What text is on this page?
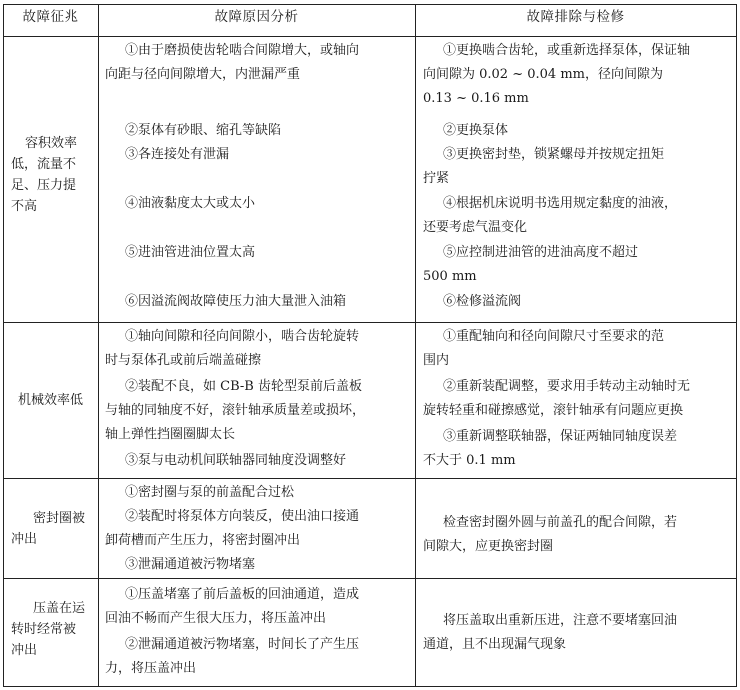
故障征兆	故障原因分析	故障排除与检修
容积效率
低，流量不
足、压力提
不高
①由于磨损使齿轮啮合间隙增大，或轴向
向距与径向间隙增大，内泄漏严重
②泵体有砂眼、缩孔等缺陷
③各连接处有泄漏
④油液黏度太大或太小
⑤进油管进油位置太高
⑥因溢流阀故障使压力油大量泄入油箱
①更换啮合齿轮，或重新选择泵体，保证轴
向间隙为 0.02 ~ 0.04 mm，径向间隙为
0.13 ~ 0.16 mm
②更换泵体
③更换密封垫，锁紧螺母并按规定扭矩
拧紧
④根据机床说明书选用规定黏度的油液，
还要考虑气温变化
⑤应控制进油管的进油高度不超过
500 mm
⑥检修溢流阀
机械效率低
①轴向间隙和径向间隙小，啮合齿轮旋转
时与泵体孔或前后端盖碰擦
②装配不良，如 CB-B 齿轮型泵前后盖板
与轴的同轴度不好，滚针轴承质量差或损坏，
轴上弹性挡圈圈脚太长
③泵与电动机间联轴器同轴度没调整好
①重配轴向和径向间隙尺寸至要求的范
围内
②重新装配调整，要求用手转动主动轴时无
旋转轻重和碰擦感觉，滚针轴承有问题应更换
③重新调整联轴器，保证两轴同轴度误差
不大于 0.1 mm
密封圈被
冲出
①密封圈与泵的前盖配合过松
②装配时将泵体方向装反，使出油口接通
卸荷槽而产生压力，将密封圈冲出
③泄漏通道被污物堵塞
检查密封圈外圆与前盖孔的配合间隙，若
间隙大，应更换密封圈
压盖在运
转时经常被
冲出
①压盖堵塞了前后盖板的回油通道，造成
回油不畅而产生很大压力，将压盖冲出
②泄漏通道被污物堵塞，时间长了产生压
力，将压盖冲出
将压盖取出重新压进，注意不要堵塞回油
通道，且不出现漏气现象
